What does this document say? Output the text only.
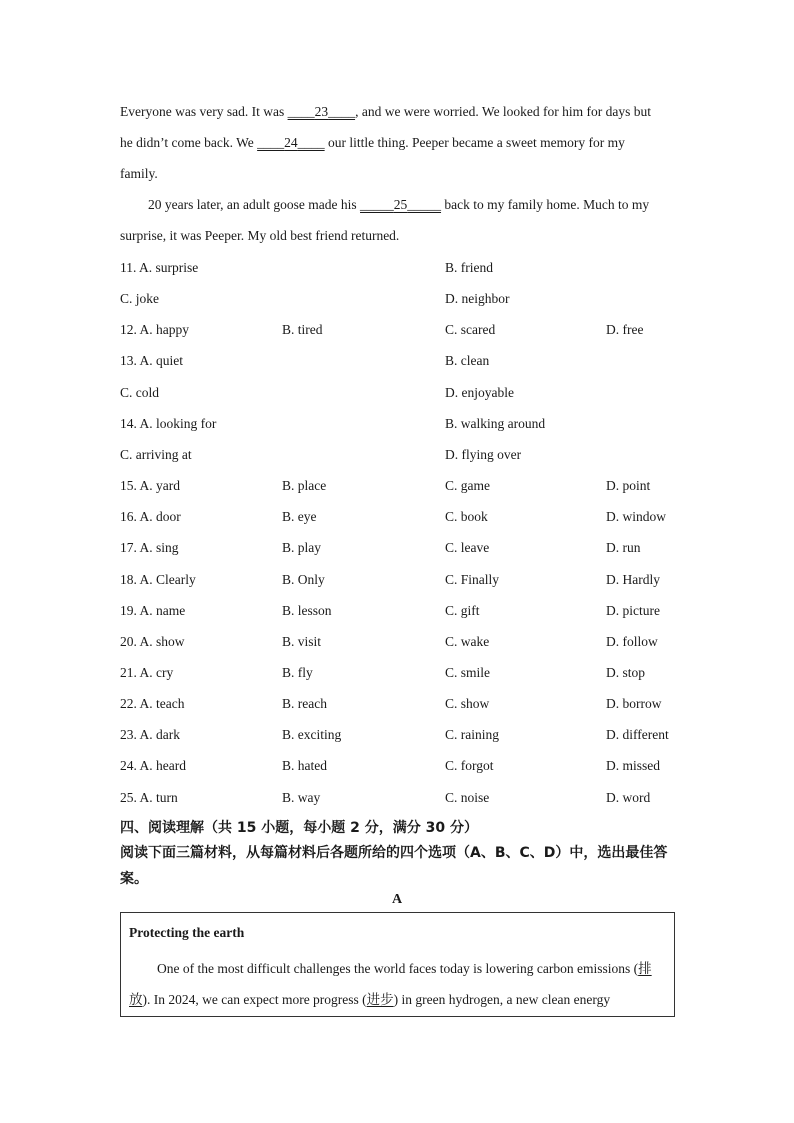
Everyone was very sad. It was ____23____, and we were worried. We looked for him for days but
he didn’t come back. We ____24____ our little thing. Peeper became a sweet memory for my
family.
20 years later, an adult goose made his _____25_____ back to my family home. Much to my
surprise, it was Peeper. My old best friend returned.
11. A. surprise	B. friend
C. joke	D. neighbor
12. A. happy	B. tired	C. scared	D. free
13. A. quiet	B. clean
C. cold	D. enjoyable
14. A. looking for	B. walking around
C. arriving at	D. flying over
15. A. yard	B. place	C. game	D. point
16. A. door	B. eye	C. book	D. window
17. A. sing	B. play	C. leave	D. run
18. A. Clearly	B. Only	C. Finally	D. Hardly
19. A. name	B. lesson	C. gift	D. picture
20. A. show	B. visit	C. wake	D. follow
21. A. cry	B. fly	C. smile	D. stop
22. A. teach	B. reach	C. show	D. borrow
23. A. dark	B. exciting	C. raining	D. different
24. A. heard	B. hated	C. forgot	D. missed
25. A. turn	B. way	C. noise	D. word
四、阅读理解（共 15 小题，每小题 2 分，满分 30 分）
阅读下面三篇材料，从每篇材料后各题所给的四个选项（A、B、C、D）中，选出最佳答案。
A
Protecting the earth
One of the most difficult challenges the world faces today is lowering carbon emissions (排放). In 2024, we can expect more progress (进步) in green hydrogen, a new clean energy
